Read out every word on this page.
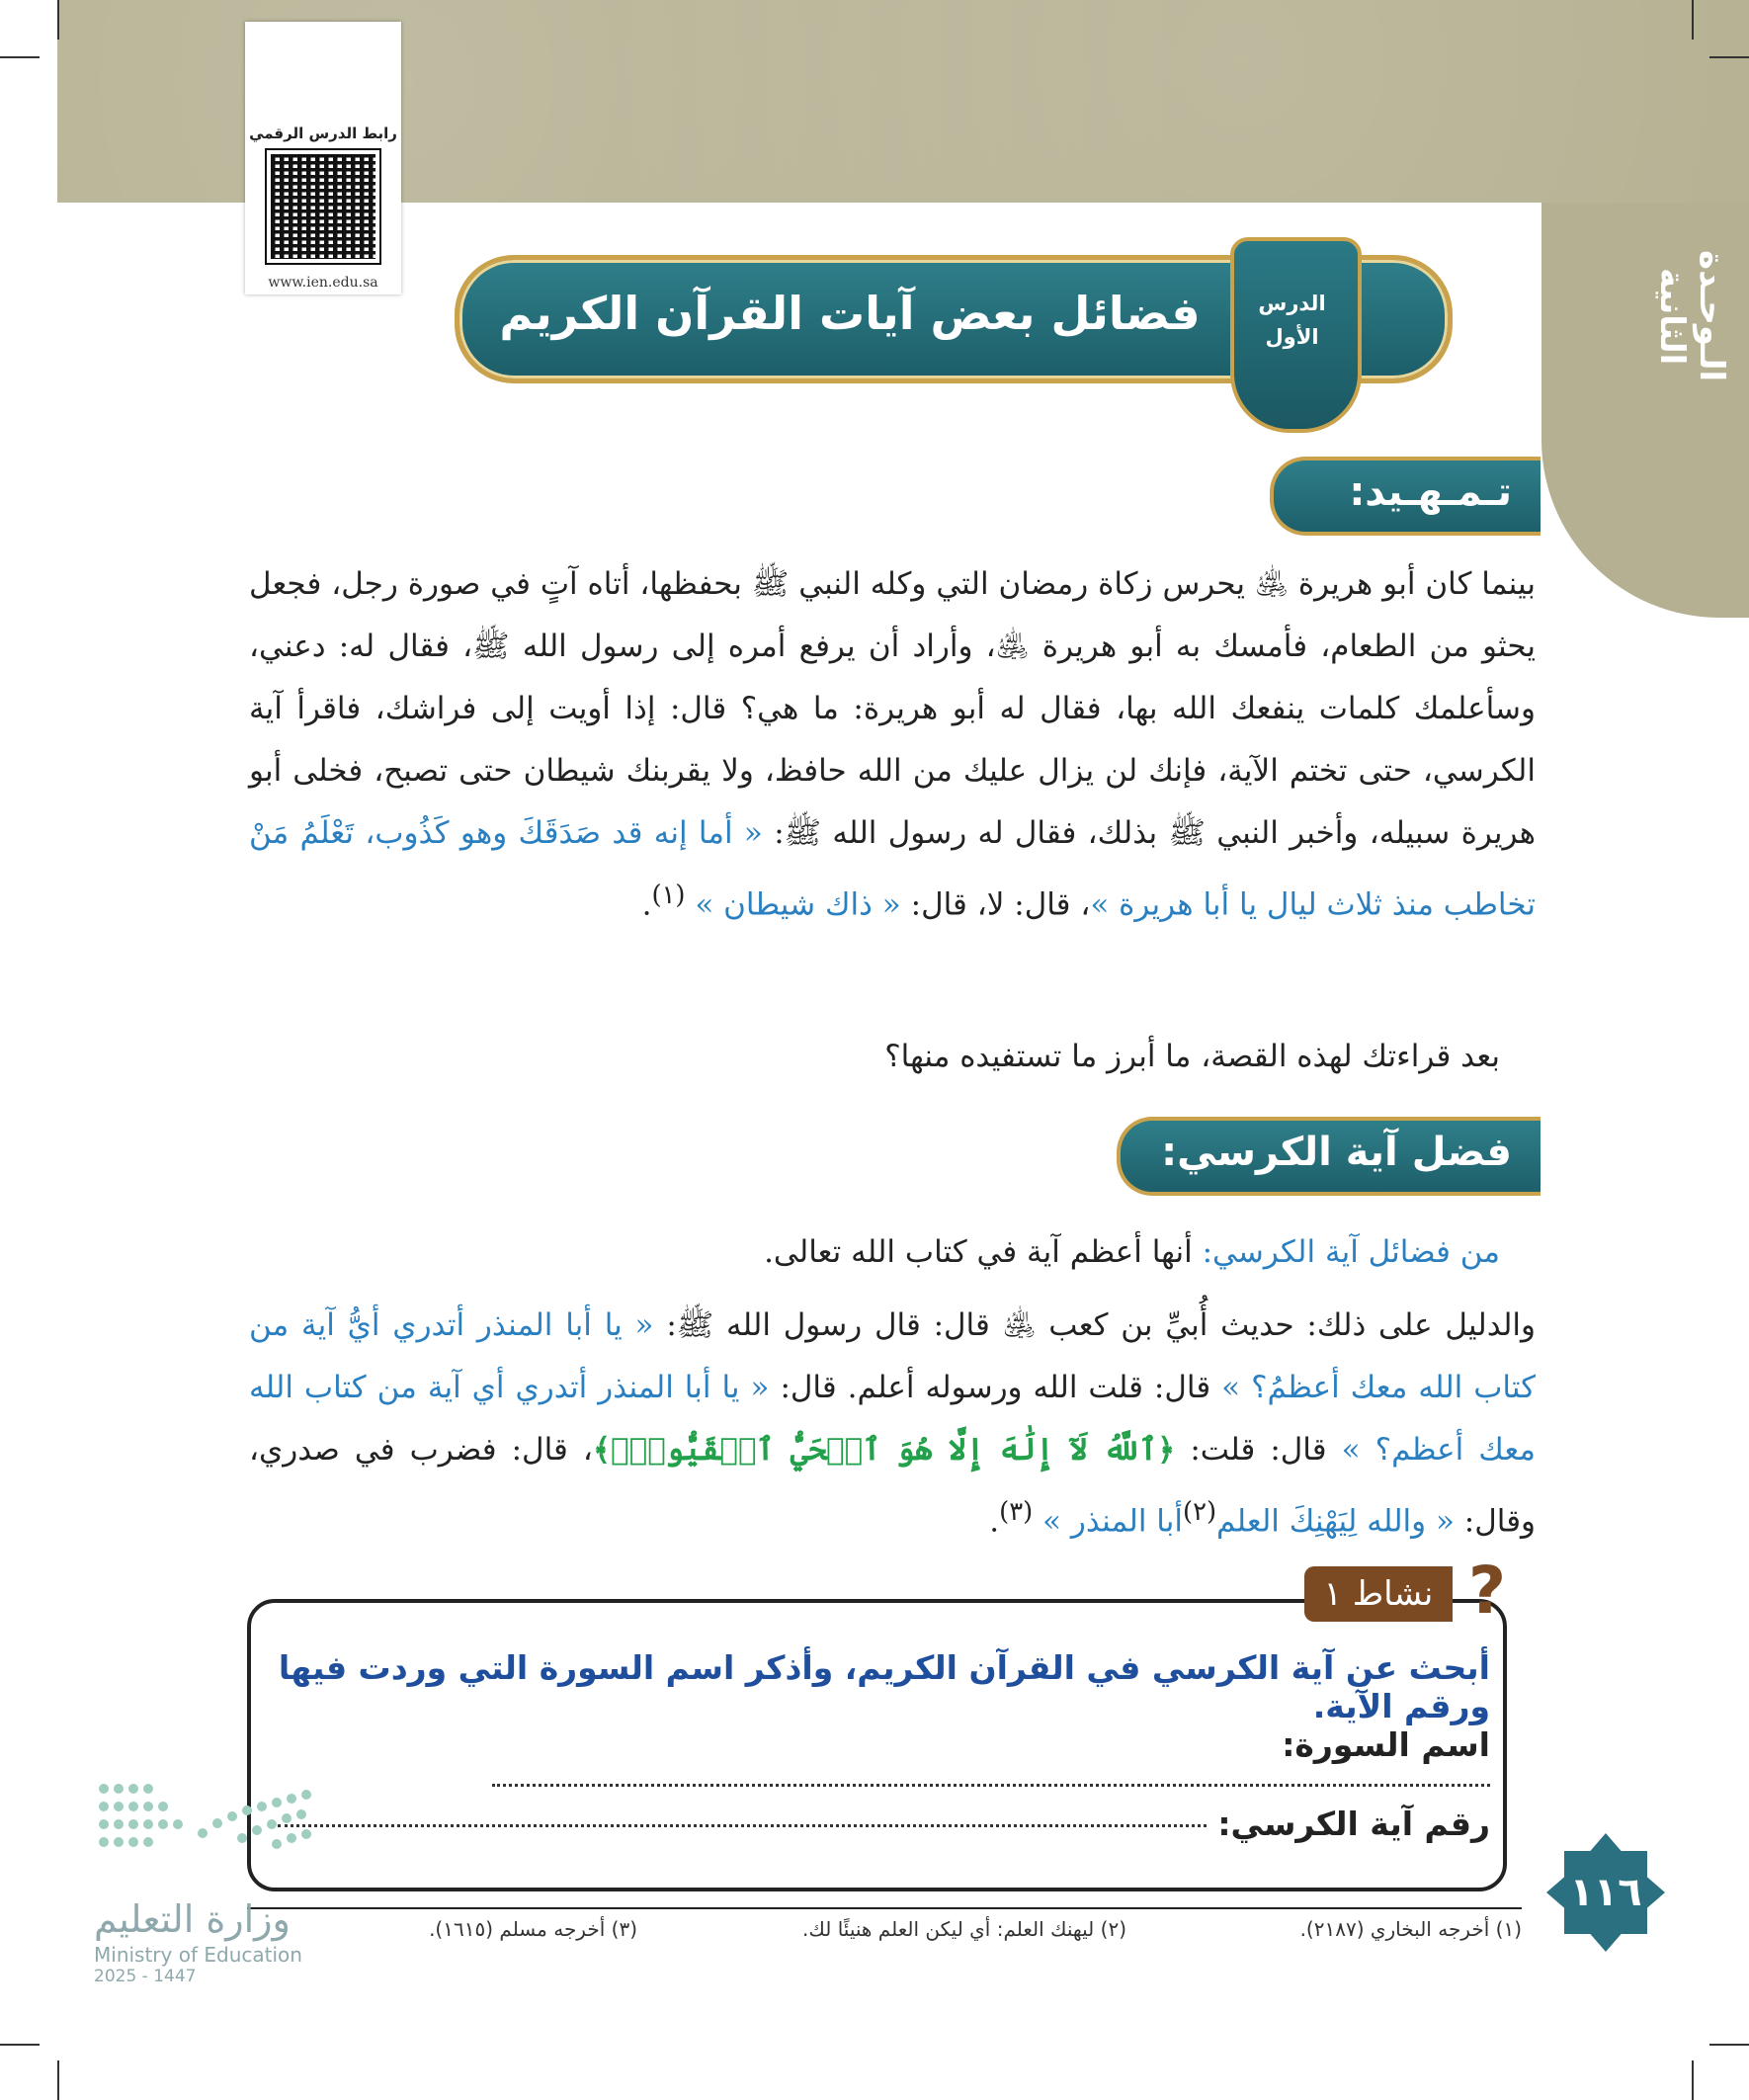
الـوحـدة الثانية
رابط الدرس الرقمي
www.ien.edu.sa
فضائل بعض آيات القرآن الكريم	الدرس
الأول
تـمـهـيد:
بينما كان أبو هريرة ﵁ يحرس زكاة رمضان التي وكله النبي ﷺ بحفظها، أتاه آتٍ في صورة رجل، فجعل يحثو من الطعام، فأمسك به أبو هريرة ﵁، وأراد أن يرفع أمره إلى رسول الله ﷺ، فقال له: دعني، وسأعلمك كلمات ينفعك الله بها، فقال له أبو هريرة: ما هي؟ قال: إذا أويت إلى فراشك، فاقرأ آية الكرسي، حتى تختم الآية، فإنك لن يزال عليك من الله حافظ، ولا يقربنك شيطان حتى تصبح، فخلى أبو هريرة سبيله، وأخبر النبي ﷺ بذلك، فقال له رسول الله ﷺ: « أما إنه قد صَدَقَكَ وهو كَذُوب، تَعْلَمُ مَنْ تخاطب منذ ثلاث ليال يا أبا هريرة »، قال: لا، قال: « ذاك شيطان » $^{(١)}$.
بعد قراءتك لهذه القصة، ما أبرز ما تستفيده منها؟
فضل آية الكرسي:
من فضائل آية الكرسي: أنها أعظم آية في كتاب الله تعالى.
والدليل على ذلك: حديث أُبيِّ بن كعب ﵁ قال: قال رسول الله ﷺ: « يا أبا المنذر أتدري أيُّ آية من كتاب الله معك أعظمُ؟ » قال: قلت الله ورسوله أعلم. قال: « يا أبا المنذر أتدري أي آية من كتاب الله معك أعظم؟ » قال: قلت: ﴿ٱللَّهُ لَآ إِلَٰهَ إِلَّا هُوَ ٱلۡحَيُّ ٱلۡقَيُّومُۚ﴾، قال: فضرب في صدري، وقال: « والله لِيَهْنِكَ العلم$^{(٢)}$أبا المنذر » $^{(٣)}$.
نشاط ١ ?
أبحث عن آية الكرسي في القرآن الكريم، وأذكر اسم السورة التي وردت فيها ورقم الآية.
اسم السورة:
رقم آية الكرسي:
١١٦
(١) أخرجه البخاري (٢١٨٧).
(٢) ليهنك العلم: أي ليكن العلم هنيئًا لك.
(٣) أخرجه مسلم (١٦١٥).
وزارة التعليم
Ministry of Education
2025 - 1447
